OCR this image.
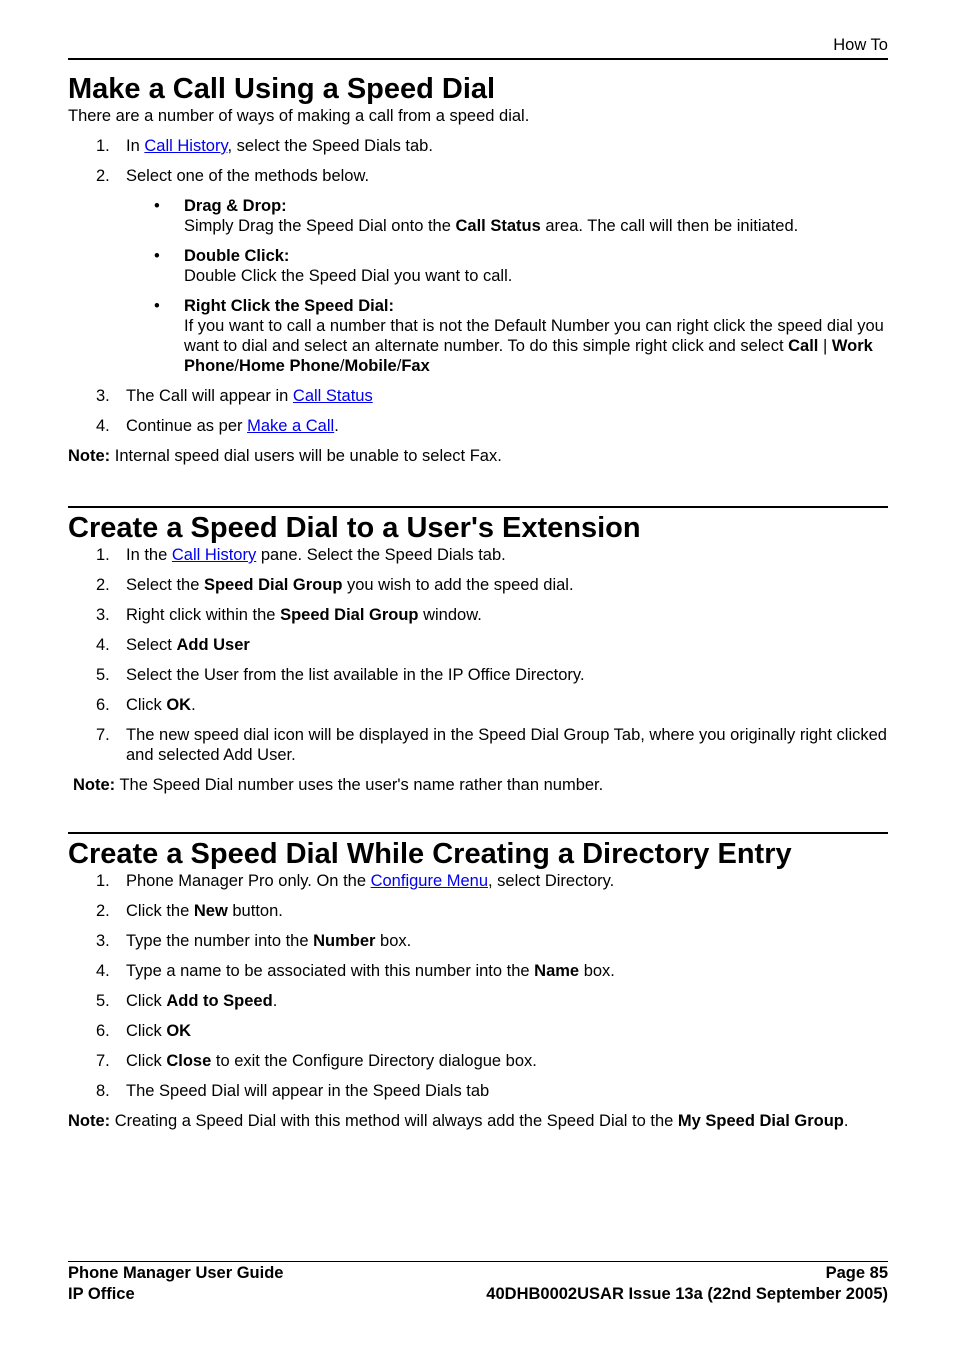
How To
Make a Call Using a Speed Dial

There are a number of ways of making a call from a speed dial.

1. In Call History, select the Speed Dials tab.
2. Select one of the methods below.
• Drag & Drop:
Simply Drag the Speed Dial onto the Call Status area. The call will then be initiated.
• Double Click:
Double Click the Speed Dial you want to call.
• Right Click the Speed Dial:
If you want to call a number that is not the Default Number you can right click the speed dial you want to dial and select an alternate number. To do this simple right click and select Call | Work Phone/Home Phone/Mobile/Fax
3. The Call will appear in Call Status
4. Continue as per Make a Call.

Note: Internal speed dial users will be unable to select Fax.

Create a Speed Dial to a User's Extension
1. In the Call History pane. Select the Speed Dials tab.
2. Select the Speed Dial Group you wish to add the speed dial.
3. Right click within the Speed Dial Group window.
4. Select Add User
5. Select the User from the list available in the IP Office Directory.
6. Click OK.
7. The new speed dial icon will be displayed in the Speed Dial Group Tab, where you originally right clicked and selected Add User.

Note: The Speed Dial number uses the user's name rather than number.

Create a Speed Dial While Creating a Directory Entry
1. Phone Manager Pro only. On the Configure Menu, select Directory.
2. Click the New button.
3. Type the number into the Number box.
4. Type a name to be associated with this number into the Name box.
5. Click Add to Speed.
6. Click OK
7. Click Close to exit the Configure Directory dialogue box.
8. The Speed Dial will appear in the Speed Dials tab

Note: Creating a Speed Dial with this method will always add the Speed Dial to the My Speed Dial Group.

Phone Manager User Guide
IP Office
Page 85
40DHB0002USAR Issue 13a (22nd September 2005)
